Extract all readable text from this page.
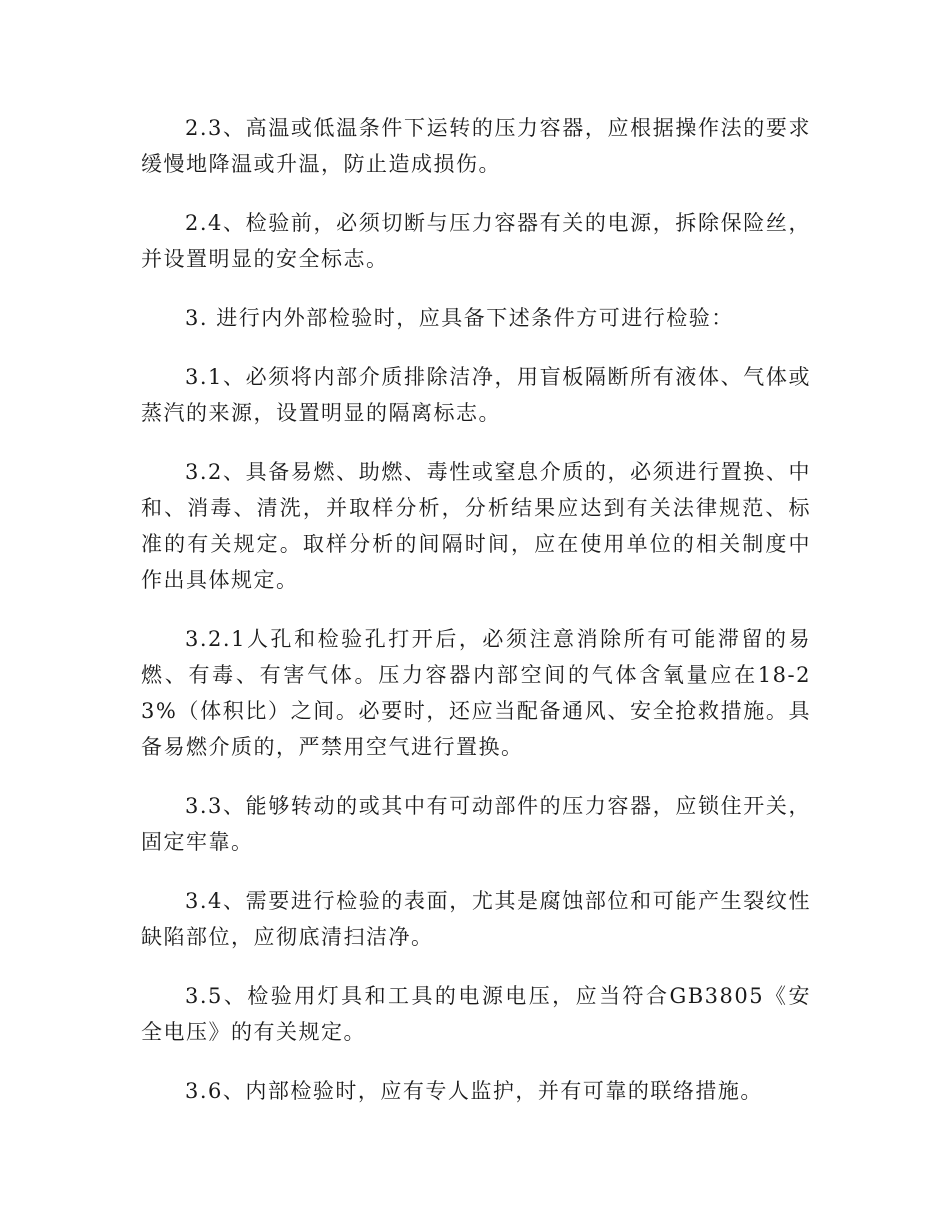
2.3、高温或低温条件下运转的压力容器，应根据操作法的要求缓慢地降温或升温，防止造成损伤。

2.4、检验前，必须切断与压力容器有关的电源，拆除保险丝，并设置明显的安全标志。

3. 进行内外部检验时，应具备下述条件方可进行检验：

3.1、必须将内部介质排除洁净，用盲板隔断所有液体、气体或蒸汽的来源，设置明显的隔离标志。

3.2、具备易燃、助燃、毒性或窒息介质的，必须进行置换、中和、消毒、清洗，并取样分析，分析结果应达到有关法律规范、标准的有关规定。取样分析的间隔时间，应在使用单位的相关制度中作出具体规定。

3.2.1人孔和检验孔打开后，必须注意消除所有可能滞留的易燃、有毒、有害气体。压力容器内部空间的气体含氧量应在18-23%（体积比）之间。必要时，还应当配备通风、安全抢救措施。具备易燃介质的，严禁用空气进行置换。

3.3、能够转动的或其中有可动部件的压力容器，应锁住开关，固定牢靠。

3.4、需要进行检验的表面，尤其是腐蚀部位和可能产生裂纹性缺陷部位，应彻底清扫洁净。

3.5、检验用灯具和工具的电源电压，应当符合GB3805《安全电压》的有关规定。

3.6、内部检验时，应有专人监护，并有可靠的联络措施。
